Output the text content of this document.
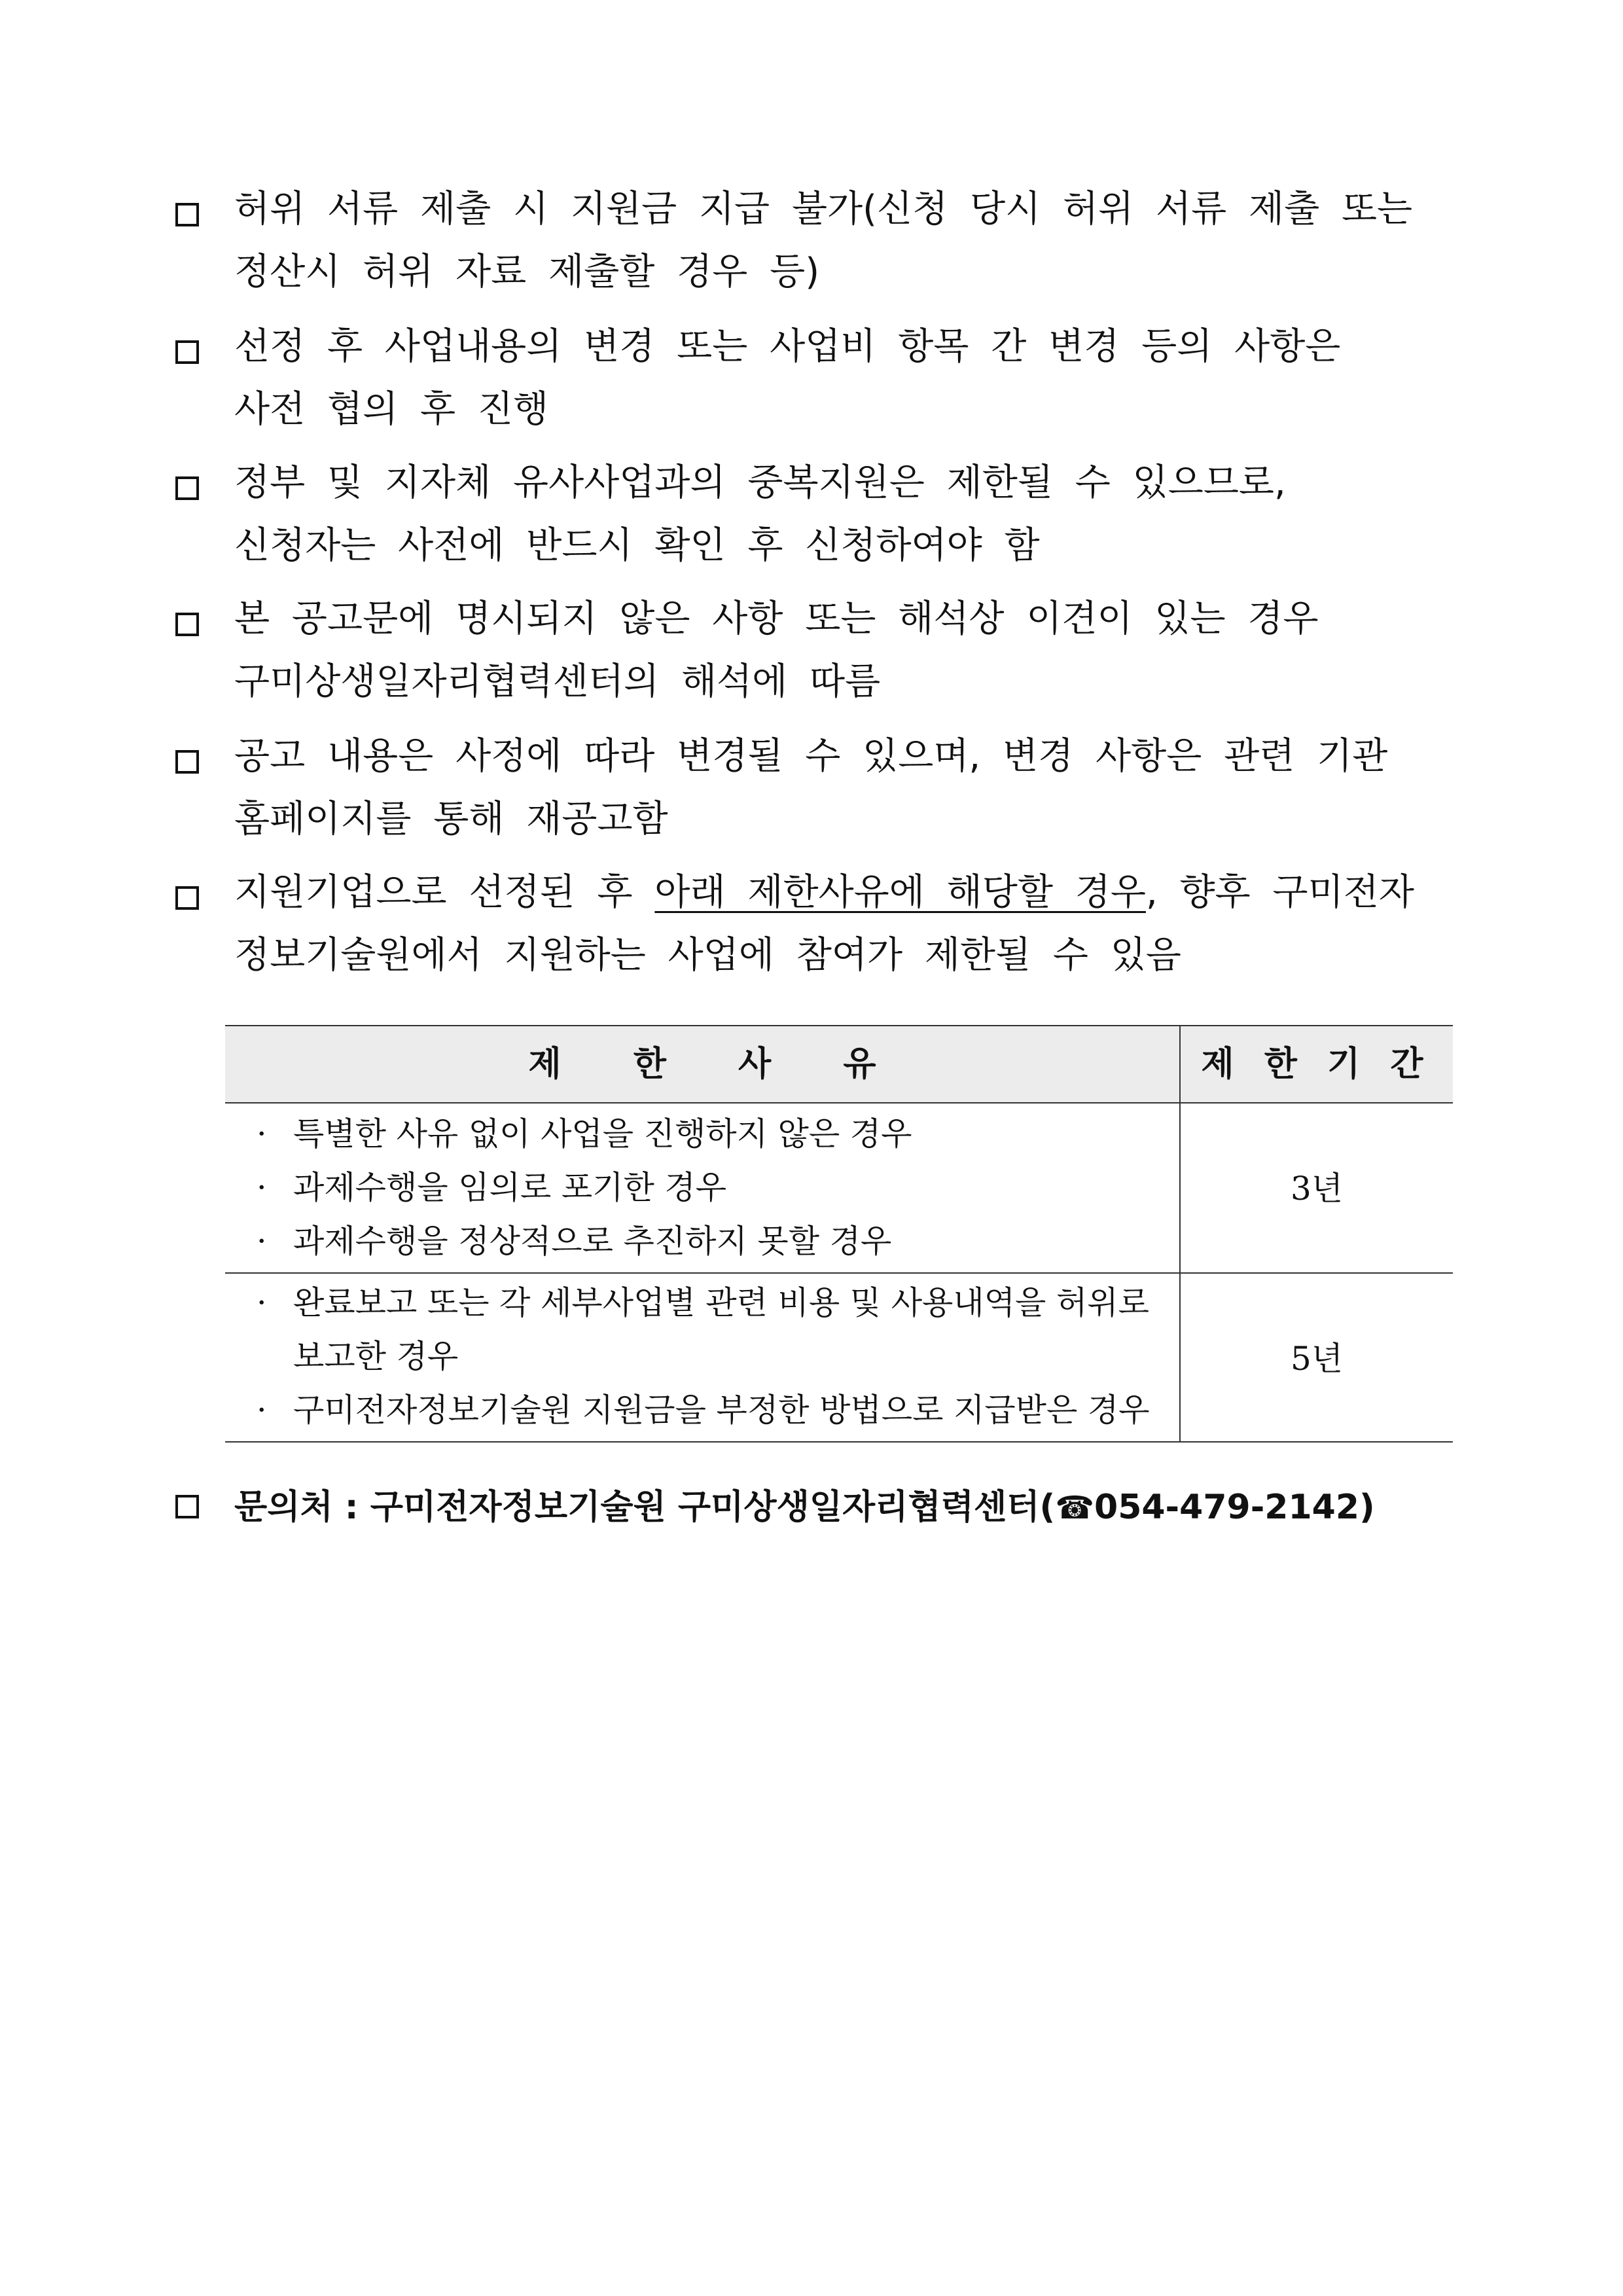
허위 서류 제출 시 지원금 지급 불가(신청 당시 허위 서류 제출 또는
정산시 허위 자료 제출할 경우 등)
선정 후 사업내용의 변경 또는 사업비 항목 간 변경 등의 사항은
사전 협의 후 진행
정부 및 지자체 유사사업과의 중복지원은 제한될 수 있으므로,
신청자는 사전에 반드시 확인 후 신청하여야 함
본 공고문에 명시되지 않은 사항 또는 해석상 이견이 있는 경우
구미상생일자리협력센터의 해석에 따름
공고 내용은 사정에 따라 변경될 수 있으며, 변경 사항은 관련 기관
홈페이지를 통해 재공고함
지원기업으로 선정된 후 아래 제한사유에 해당할 경우, 향후 구미전자
정보기술원에서 지원하는 사업에 참여가 제한될 수 있음
제 한 사 유	제 한 기 간
· 특별한 사유 없이 사업을 진행하지 않은 경우
· 과제수행을 임의로 포기한 경우
· 과제수행을 정상적으로 추진하지 못할 경우
3년
· 완료보고 또는 각 세부사업별 관련 비용 및 사용내역을 허위로
보고한 경우
· 구미전자정보기술원 지원금을 부정한 방법으로 지급받은 경우
5년
문의처 : 구미전자정보기술원 구미상생일자리협력센터(☎054-479-2142)
